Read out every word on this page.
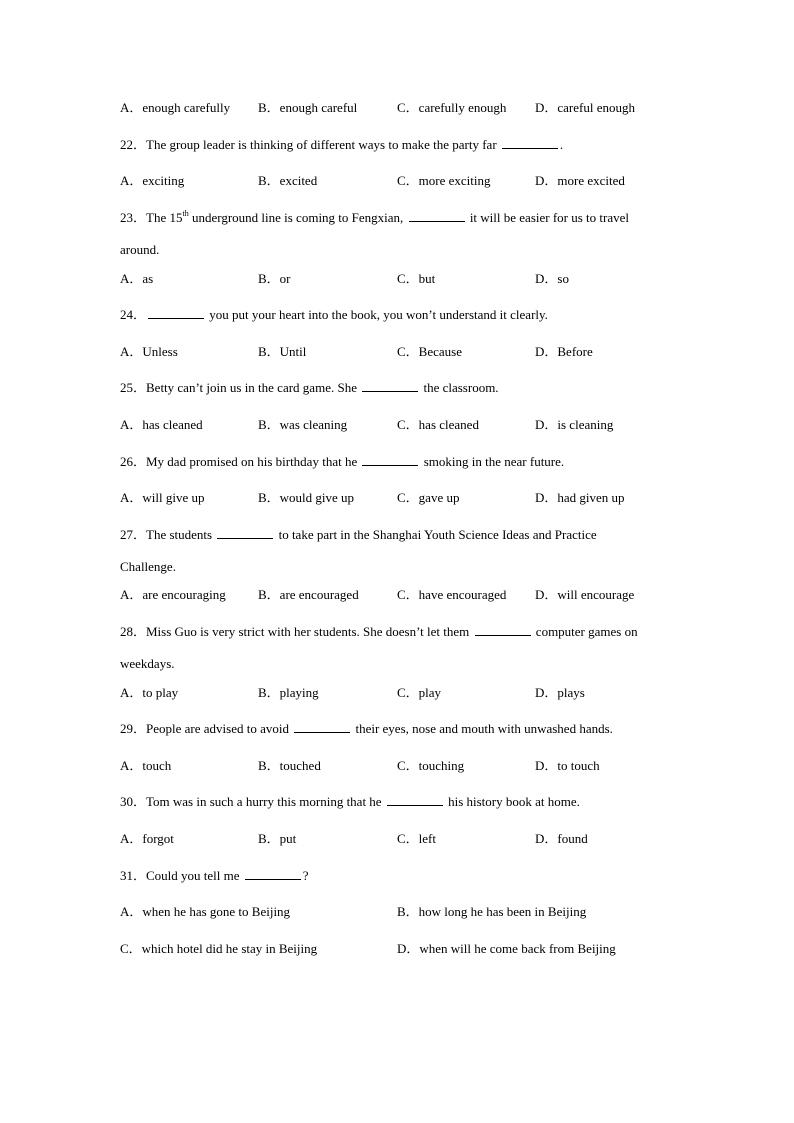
A．enough carefully B．enough careful	C．carefully enough D．careful enough
22．The group leader is thinking of different ways to make the party far	.
A．exciting	B．excited	C．more exciting	D．more excited
23．The 15th underground line is coming to Fengxian,	it will be easier for us to travel
around.
A．as	B．or	C．but	D．so
24．	you put your heart into the book, you won’t understand it clearly.
A．Unless	B．Until	C．Because	D．Before
25．Betty can’t join us in the card game. She	the classroom.
A．has cleaned	B．was cleaning	C．has cleaned	D．is cleaning
26．My dad promised on his birthday that he	smoking in the near future.
A．will give up	B．would give up	C．gave up	D．had given up
27．The students	to take part in the Shanghai Youth Science Ideas and Practice
Challenge.
A．are encouraging B．are encouraged	C．have encouraged D．will encourage
28．Miss Guo is very strict with her students. She doesn’t let them	computer games on
weekdays.
A．to play	B．playing	C．play	D．plays
29．People are advised to avoid	their eyes, nose and mouth with unwashed hands.
A．touch	B．touched	C．touching	D．to touch
30．Tom was in such a hurry this morning that he	his history book at home.
A．forgot	B．put	C．left	D．found
31．Could you tell me	?
A．when he has gone to Beijing	B．how long he has been in Beijing
C．which hotel did he stay in Beijing	D．when will he come back from Beijing
